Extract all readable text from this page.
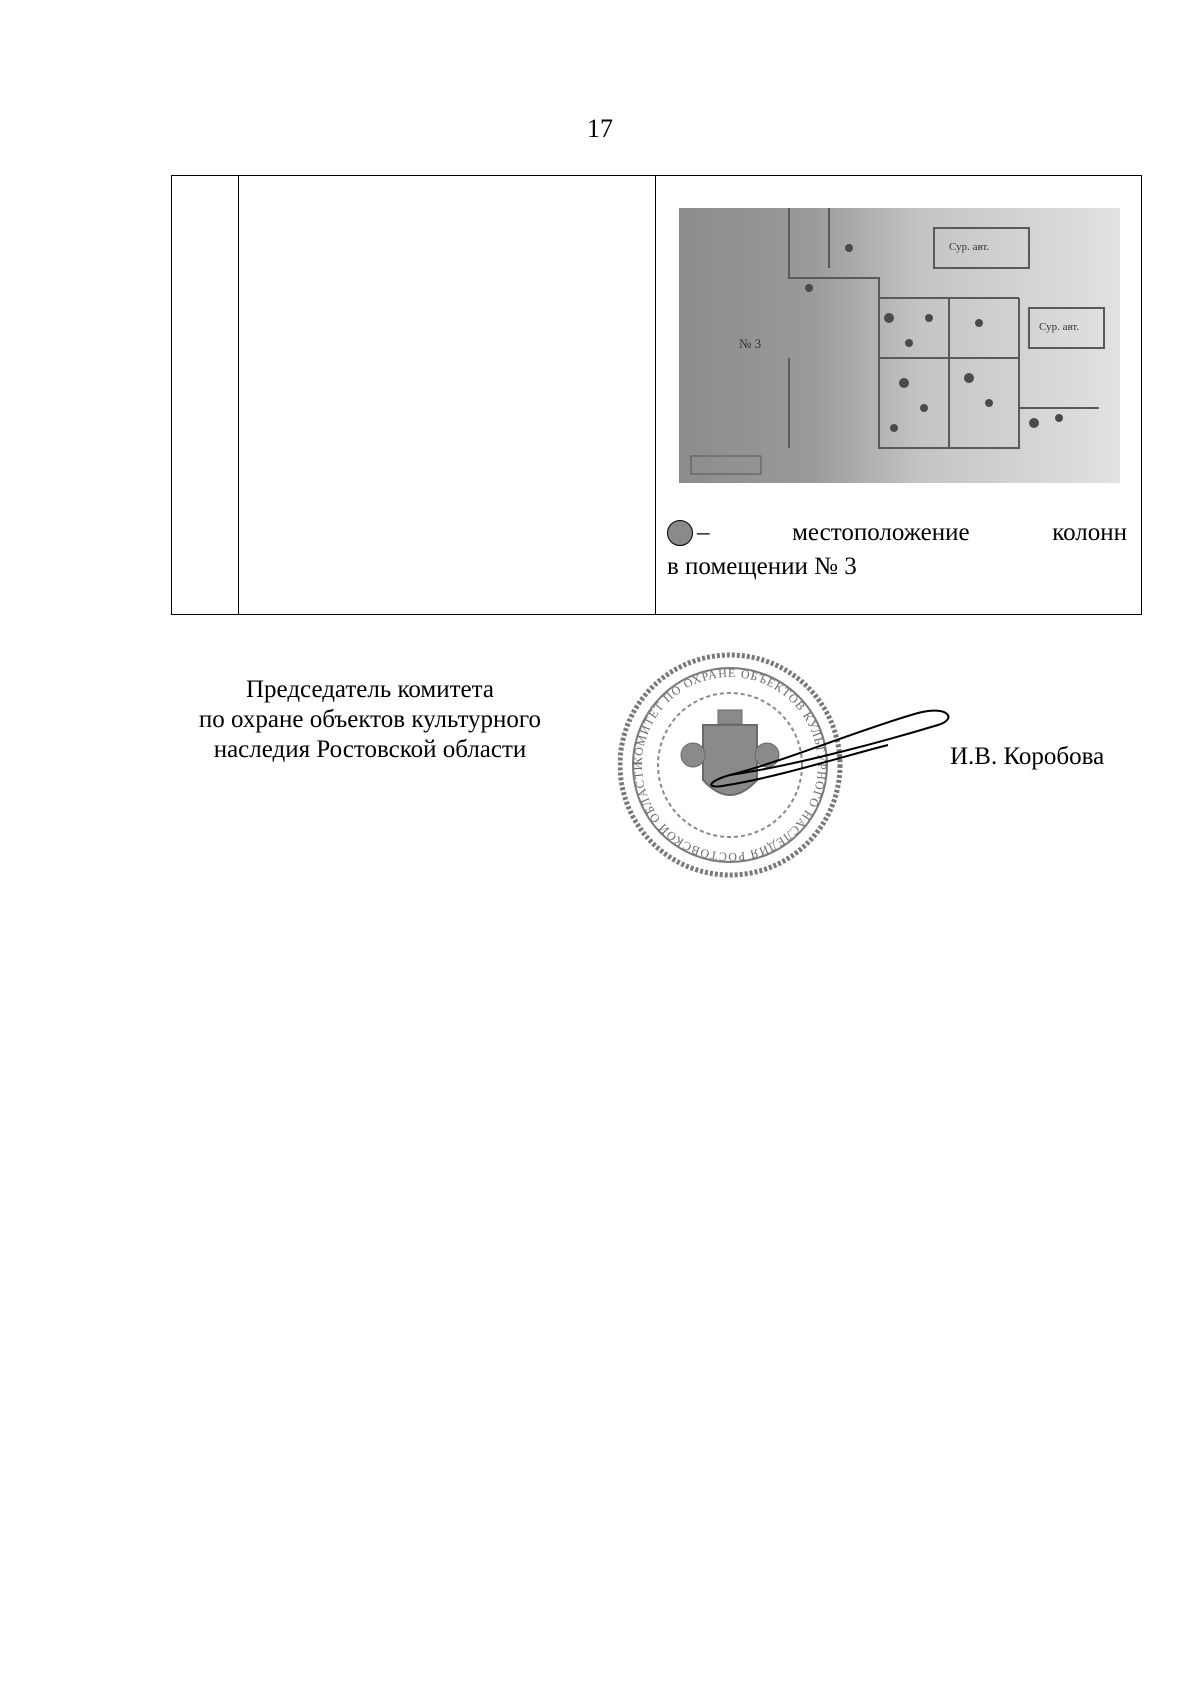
17
Сур. авт.
Сур. авт.
№ 3
–	местоположение	колонн
в помещении № 3
Председатель комитета
по охране объектов культурного
наследия Ростовской области	КОМИТЕТ ПО ОХРАНЕ ОБЪЕКТОВ КУЛЬТУРНОГО НАСЛЕДИЯ РОСТОВСКОЙ ОБЛАСТИ	И.В. Коробова
